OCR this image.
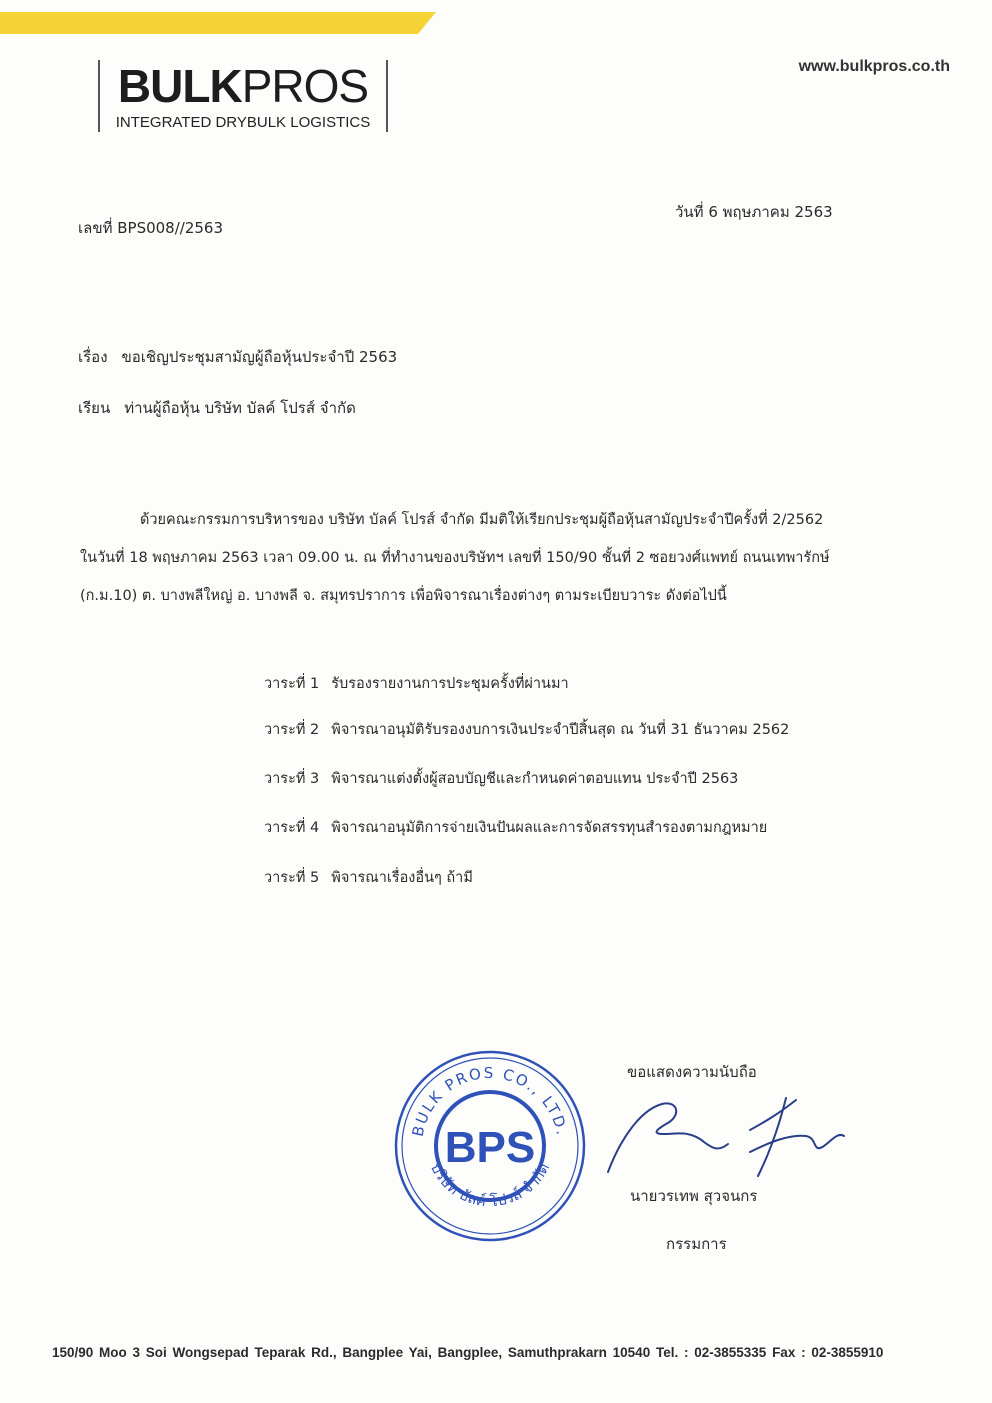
BULKPROS
INTEGRATED DRYBULK LOGISTICS
www.bulkpros.co.th
เลขที่ BPS008//2563
วันที่ 6 พฤษภาคม 2563
เรื่อง ขอเชิญประชุมสามัญผู้ถือหุ้นประจำปี 2563
เรียน ท่านผู้ถือหุ้น บริษัท บัลค์ โปรส์ จำกัด
ด้วยคณะกรรมการบริหารของ บริษัท บัลค์ โปรส์ จำกัด มีมติให้เรียกประชุมผู้ถือหุ้นสามัญประจำปีครั้งที่ 2/2562
ในวันที่ 18 พฤษภาคม 2563 เวลา 09.00 น. ณ ที่ทำงานของบริษัทฯ เลขที่ 150/90 ชั้นที่ 2 ซอยวงศ์แพทย์ ถนนเทพารักษ์
(ก.ม.10) ต. บางพลีใหญ่ อ. บางพลี จ. สมุทรปราการ เพื่อพิจารณาเรื่องต่างๆ ตามระเบียบวาระ ดังต่อไปนี้
วาระที่ 1 รับรองรายงานการประชุมครั้งที่ผ่านมา
วาระที่ 2 พิจารณาอนุมัติรับรองงบการเงินประจำปีสิ้นสุด ณ วันที่ 31 ธันวาคม 2562
วาระที่ 3 พิจารณาแต่งตั้งผู้สอบบัญชีและกำหนดค่าตอบแทน ประจำปี 2563
วาระที่ 4 พิจารณาอนุมัติการจ่ายเงินปันผลและการจัดสรรทุนสำรองตามกฎหมาย
วาระที่ 5 พิจารณาเรื่องอื่นๆ ถ้ามี
BULK PROS CO., LTD.
บริษัท บัลค์ โปรส์ จำกัด
BPS
ขอแสดงความนับถือ
นายวรเทพ สุวจนกร
กรรมการ
150/90 Moo 3 Soi Wongsepad Teparak Rd., Bangplee Yai, Bangplee, Samuthprakarn 10540 Tel. : 02-3855335 Fax : 02-3855910
